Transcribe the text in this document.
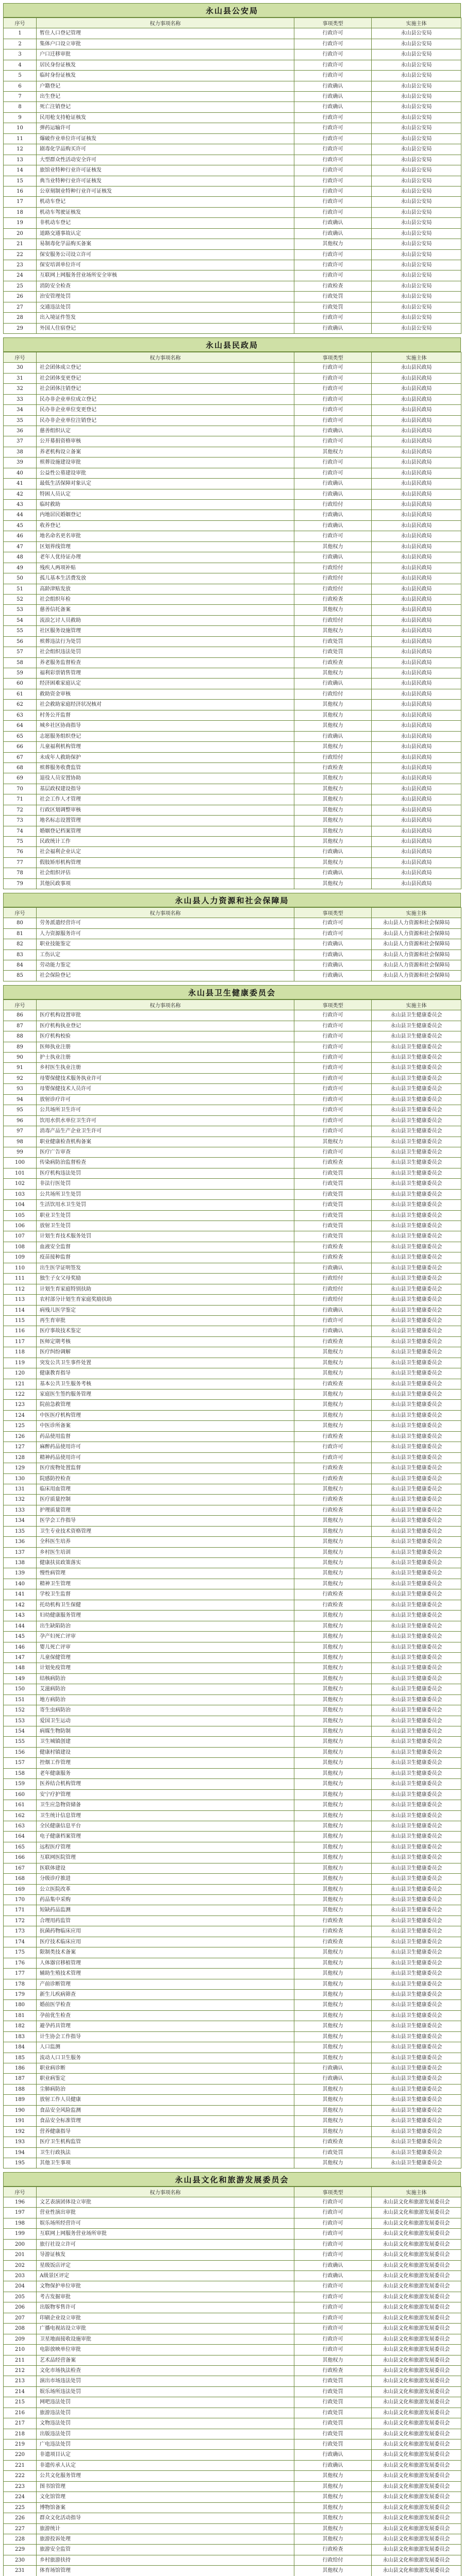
永山县公安局
序号	权力事项名称	事项类型	实施主体
1	暂住人口登记管理	行政许可	永山县公安局
2	集体户口设立审批	行政许可	永山县公安局
3	户口迁移审批	行政许可	永山县公安局
4	居民身份证核发	行政许可	永山县公安局
5	临时身份证核发	行政许可	永山县公安局
6	户籍登记	行政确认	永山县公安局
7	出生登记	行政确认	永山县公安局
8	死亡注销登记	行政确认	永山县公安局
9	民用枪支持枪证核发	行政许可	永山县公安局
10	弹药运输许可	行政许可	永山县公安局
11	爆破作业单位许可证核发	行政许可	永山县公安局
12	剧毒化学品购买许可	行政许可	永山县公安局
13	大型群众性活动安全许可	行政许可	永山县公安局
14	旅馆业特种行业许可证核发	行政许可	永山县公安局
15	典当业特种行业许可证核发	行政许可	永山县公安局
16	公章刻制业特种行业许可证核发	行政许可	永山县公安局
17	机动车登记	行政许可	永山县公安局
18	机动车驾驶证核发	行政许可	永山县公安局
19	非机动车登记	行政确认	永山县公安局
20	道路交通事故认定	行政确认	永山县公安局
21	易制毒化学品购买备案	其他权力	永山县公安局
22	保安服务公司设立许可	行政许可	永山县公安局
23	保安培训单位许可	行政许可	永山县公安局
24	互联网上网服务营业场所安全审核	行政许可	永山县公安局
25	消防安全检查	行政检查	永山县公安局
26	治安管理处罚	行政处罚	永山县公安局
27	交通违法处罚	行政处罚	永山县公安局
28	出入境证件签发	行政许可	永山县公安局
29	外国人住宿登记	行政确认	永山县公安局
永山县民政局
序号	权力事项名称	事项类型	实施主体
30	社会团体成立登记	行政许可	永山县民政局
31	社会团体变更登记	行政许可	永山县民政局
32	社会团体注销登记	行政许可	永山县民政局
33	民办非企业单位成立登记	行政许可	永山县民政局
34	民办非企业单位变更登记	行政许可	永山县民政局
35	民办非企业单位注销登记	行政许可	永山县民政局
36	慈善组织认定	行政确认	永山县民政局
37	公开募捐资格审核	行政许可	永山县民政局
38	养老机构设立备案	其他权力	永山县民政局
39	殡葬设施建设审批	行政许可	永山县民政局
40	公益性公墓建设审批	行政许可	永山县民政局
41	最低生活保障对象认定	行政确认	永山县民政局
42	特困人员认定	行政确认	永山县民政局
43	临时救助	行政给付	永山县民政局
44	内地居民婚姻登记	行政确认	永山县民政局
45	收养登记	行政确认	永山县民政局
46	地名命名更名审批	行政许可	永山县民政局
47	区划界线管理	其他权力	永山县民政局
48	老年人优待证办理	行政确认	永山县民政局
49	残疾人两项补贴	行政给付	永山县民政局
50	孤儿基本生活费发放	行政给付	永山县民政局
51	高龄津贴发放	行政给付	永山县民政局
52	社会组织年检	行政检查	永山县民政局
53	慈善信托备案	其他权力	永山县民政局
54	流浪乞讨人员救助	行政给付	永山县民政局
55	社区服务设施管理	其他权力	永山县民政局
56	殡葬违法行为处罚	行政处罚	永山县民政局
57	社会组织违法处罚	行政处罚	永山县民政局
58	养老服务监督检查	行政检查	永山县民政局
59	福利彩票销售管理	其他权力	永山县民政局
60	经济困难家庭认定	行政确认	永山县民政局
61	救助资金审核	行政给付	永山县民政局
62	社会救助家庭经济状况核对	其他权力	永山县民政局
63	村务公开监督	其他权力	永山县民政局
64	城乡社区协商指导	其他权力	永山县民政局
65	志愿服务组织登记	行政确认	永山县民政局
66	儿童福利机构管理	其他权力	永山县民政局
67	未成年人救助保护	行政给付	永山县民政局
68	殡葬服务收费监管	行政检查	永山县民政局
69	退役人员安置协助	其他权力	永山县民政局
70	基层政权建设指导	其他权力	永山县民政局
71	社会工作人才管理	其他权力	永山县民政局
72	行政区划调整审核	其他权力	永山县民政局
73	地名标志设置管理	其他权力	永山县民政局
74	婚姻登记档案管理	其他权力	永山县民政局
75	民政统计工作	其他权力	永山县民政局
76	社会福利企业认定	行政确认	永山县民政局
77	假肢矫形机构管理	其他权力	永山县民政局
78	社会组织评估	行政确认	永山县民政局
79	其他民政事项	其他权力	永山县民政局
永山县人力资源和社会保障局
序号	权力事项名称	事项类型	实施主体
80	劳务派遣经营许可	行政许可	永山县人力资源和社会保障局
81	人力资源服务许可	行政许可	永山县人力资源和社会保障局
82	职业技能鉴定	行政确认	永山县人力资源和社会保障局
83	工伤认定	行政确认	永山县人力资源和社会保障局
84	劳动能力鉴定	行政确认	永山县人力资源和社会保障局
85	社会保险登记	行政确认	永山县人力资源和社会保障局
永山县卫生健康委员会
序号	权力事项名称	事项类型	实施主体
86	医疗机构设置审批	行政许可	永山县卫生健康委员会
87	医疗机构执业登记	行政许可	永山县卫生健康委员会
88	医疗机构校验	行政许可	永山县卫生健康委员会
89	医师执业注册	行政许可	永山县卫生健康委员会
90	护士执业注册	行政许可	永山县卫生健康委员会
91	乡村医生执业注册	行政许可	永山县卫生健康委员会
92	母婴保健技术服务执业许可	行政许可	永山县卫生健康委员会
93	母婴保健技术人员许可	行政许可	永山县卫生健康委员会
94	放射诊疗许可	行政许可	永山县卫生健康委员会
95	公共场所卫生许可	行政许可	永山县卫生健康委员会
96	饮用水供水单位卫生许可	行政许可	永山县卫生健康委员会
97	消毒产品生产企业卫生许可	行政许可	永山县卫生健康委员会
98	职业健康检查机构备案	其他权力	永山县卫生健康委员会
99	医疗广告审查	行政许可	永山县卫生健康委员会
100	传染病防治监督检查	行政检查	永山县卫生健康委员会
101	医疗机构违法处罚	行政处罚	永山县卫生健康委员会
102	非法行医处罚	行政处罚	永山县卫生健康委员会
103	公共场所卫生处罚	行政处罚	永山县卫生健康委员会
104	生活饮用水卫生处罚	行政处罚	永山县卫生健康委员会
105	职业卫生处罚	行政处罚	永山县卫生健康委员会
106	放射卫生处罚	行政处罚	永山县卫生健康委员会
107	计划生育技术服务处罚	行政处罚	永山县卫生健康委员会
108	血液安全监督	行政检查	永山县卫生健康委员会
109	疫苗接种监督	行政检查	永山县卫生健康委员会
110	出生医学证明签发	行政确认	永山县卫生健康委员会
111	独生子女父母奖励	行政给付	永山县卫生健康委员会
112	计划生育家庭特别扶助	行政给付	永山县卫生健康委员会
113	农村部分计划生育家庭奖励扶助	行政给付	永山县卫生健康委员会
114	病残儿医学鉴定	行政确认	永山县卫生健康委员会
115	再生育审批	行政许可	永山县卫生健康委员会
116	医疗事故技术鉴定	行政确认	永山县卫生健康委员会
117	医师定期考核	行政检查	永山县卫生健康委员会
118	医疗纠纷调解	其他权力	永山县卫生健康委员会
119	突发公共卫生事件处置	其他权力	永山县卫生健康委员会
120	健康教育指导	其他权力	永山县卫生健康委员会
121	基本公共卫生服务考核	行政检查	永山县卫生健康委员会
122	家庭医生签约服务管理	其他权力	永山县卫生健康委员会
123	院前急救管理	其他权力	永山县卫生健康委员会
124	中医医疗机构管理	其他权力	永山县卫生健康委员会
125	中医诊所备案	其他权力	永山县卫生健康委员会
126	药品使用监督	行政检查	永山县卫生健康委员会
127	麻醉药品使用许可	行政许可	永山县卫生健康委员会
128	精神药品使用许可	行政许可	永山县卫生健康委员会
129	医疗废物处置监督	行政检查	永山县卫生健康委员会
130	院感防控检查	行政检查	永山县卫生健康委员会
131	临床用血管理	其他权力	永山县卫生健康委员会
132	医疗质量控制	行政检查	永山县卫生健康委员会
133	护理质量管理	行政检查	永山县卫生健康委员会
134	医学会工作指导	其他权力	永山县卫生健康委员会
135	卫生专业技术资格管理	其他权力	永山县卫生健康委员会
136	全科医生培养	其他权力	永山县卫生健康委员会
137	乡村医生培训	其他权力	永山县卫生健康委员会
138	健康扶贫政策落实	其他权力	永山县卫生健康委员会
139	慢性病管理	其他权力	永山县卫生健康委员会
140	精神卫生管理	其他权力	永山县卫生健康委员会
141	学校卫生监督	行政检查	永山县卫生健康委员会
142	托幼机构卫生保健	行政检查	永山县卫生健康委员会
143	妇幼健康服务管理	其他权力	永山县卫生健康委员会
144	出生缺陷防治	其他权力	永山县卫生健康委员会
145	孕产妇死亡评审	其他权力	永山县卫生健康委员会
146	婴儿死亡评审	其他权力	永山县卫生健康委员会
147	儿童保健管理	其他权力	永山县卫生健康委员会
148	计划免疫管理	其他权力	永山县卫生健康委员会
149	结核病防治	其他权力	永山县卫生健康委员会
150	艾滋病防治	其他权力	永山县卫生健康委员会
151	地方病防治	其他权力	永山县卫生健康委员会
152	寄生虫病防治	其他权力	永山县卫生健康委员会
153	爱国卫生运动	其他权力	永山县卫生健康委员会
154	病媒生物防制	其他权力	永山县卫生健康委员会
155	卫生城镇创建	其他权力	永山县卫生健康委员会
156	健康村镇建设	其他权力	永山县卫生健康委员会
157	控烟工作管理	其他权力	永山县卫生健康委员会
158	老年健康服务	其他权力	永山县卫生健康委员会
159	医养结合机构管理	其他权力	永山县卫生健康委员会
160	安宁疗护管理	其他权力	永山县卫生健康委员会
161	卫生应急物资储备	其他权力	永山县卫生健康委员会
162	卫生统计信息管理	其他权力	永山县卫生健康委员会
163	全民健康信息平台	其他权力	永山县卫生健康委员会
164	电子健康档案管理	其他权力	永山县卫生健康委员会
165	远程医疗管理	其他权力	永山县卫生健康委员会
166	互联网医院管理	其他权力	永山县卫生健康委员会
167	医联体建设	其他权力	永山县卫生健康委员会
168	分级诊疗推进	其他权力	永山县卫生健康委员会
169	公立医院改革	其他权力	永山县卫生健康委员会
170	药品集中采购	其他权力	永山县卫生健康委员会
171	短缺药品监测	其他权力	永山县卫生健康委员会
172	合理用药监管	行政检查	永山县卫生健康委员会
173	抗菌药物临床应用	行政检查	永山县卫生健康委员会
174	医疗技术临床应用	行政检查	永山县卫生健康委员会
175	限制类技术备案	其他权力	永山县卫生健康委员会
176	人体器官移植管理	其他权力	永山县卫生健康委员会
177	辅助生殖技术管理	其他权力	永山县卫生健康委员会
178	产前诊断管理	其他权力	永山县卫生健康委员会
179	新生儿疾病筛查	其他权力	永山县卫生健康委员会
180	婚前医学检查	其他权力	永山县卫生健康委员会
181	孕前优生检查	其他权力	永山县卫生健康委员会
182	避孕药具管理	其他权力	永山县卫生健康委员会
183	计生协会工作指导	其他权力	永山县卫生健康委员会
184	人口监测	其他权力	永山县卫生健康委员会
185	流动人口卫生服务	其他权力	永山县卫生健康委员会
186	职业病诊断	行政确认	永山县卫生健康委员会
187	职业病鉴定	行政确认	永山县卫生健康委员会
188	尘肺病防治	其他权力	永山县卫生健康委员会
189	放射工作人员健康	其他权力	永山县卫生健康委员会
190	食品安全风险监测	其他权力	永山县卫生健康委员会
191	食品安全标准管理	其他权力	永山县卫生健康委员会
192	营养健康指导	其他权力	永山县卫生健康委员会
193	医疗卫生机构监管	行政检查	永山县卫生健康委员会
194	卫生行政执法	行政处罚	永山县卫生健康委员会
195	其他卫生事项	其他权力	永山县卫生健康委员会
永山县文化和旅游发展委员会
序号	权力事项名称	事项类型	实施主体
196	文艺表演团体设立审批	行政许可	永山县文化和旅游发展委员会
197	营业性演出审批	行政许可	永山县文化和旅游发展委员会
198	娱乐场所经营许可	行政许可	永山县文化和旅游发展委员会
199	互联网上网服务营业场所审批	行政许可	永山县文化和旅游发展委员会
200	旅行社设立许可	行政许可	永山县文化和旅游发展委员会
201	导游证核发	行政许可	永山县文化和旅游发展委员会
202	星级饭店评定	行政确认	永山县文化和旅游发展委员会
203	A级景区评定	行政确认	永山县文化和旅游发展委员会
204	文物保护单位审批	行政许可	永山县文化和旅游发展委员会
205	考古发掘审批	行政许可	永山县文化和旅游发展委员会
206	出版物零售许可	行政许可	永山县文化和旅游发展委员会
207	印刷企业设立审批	行政许可	永山县文化和旅游发展委员会
208	广播电视站设立审批	行政许可	永山县文化和旅游发展委员会
209	卫星地面接收设施审批	行政许可	永山县文化和旅游发展委员会
210	电影放映单位审批	行政许可	永山县文化和旅游发展委员会
211	艺术品经营备案	其他权力	永山县文化和旅游发展委员会
212	文化市场执法检查	行政检查	永山县文化和旅游发展委员会
213	演出市场违法处罚	行政处罚	永山县文化和旅游发展委员会
214	娱乐场所违法处罚	行政处罚	永山县文化和旅游发展委员会
215	网吧违法处罚	行政处罚	永山县文化和旅游发展委员会
216	旅游违法处罚	行政处罚	永山县文化和旅游发展委员会
217	文物违法处罚	行政处罚	永山县文化和旅游发展委员会
218	出版违法处罚	行政处罚	永山县文化和旅游发展委员会
219	广电违法处罚	行政处罚	永山县文化和旅游发展委员会
220	非遗项目认定	行政确认	永山县文化和旅游发展委员会
221	非遗传承人认定	行政确认	永山县文化和旅游发展委员会
222	公共文化服务管理	其他权力	永山县文化和旅游发展委员会
223	图书馆管理	其他权力	永山县文化和旅游发展委员会
224	文化馆管理	其他权力	永山县文化和旅游发展委员会
225	博物馆备案	其他权力	永山县文化和旅游发展委员会
226	群众文化活动指导	其他权力	永山县文化和旅游发展委员会
227	旅游统计	其他权力	永山县文化和旅游发展委员会
228	旅游投诉处理	其他权力	永山县文化和旅游发展委员会
229	旅游安全监管	行政检查	永山县文化和旅游发展委员会
230	乡村旅游扶持	行政给付	永山县文化和旅游发展委员会
231	体育场馆管理	其他权力	永山县文化和旅游发展委员会
